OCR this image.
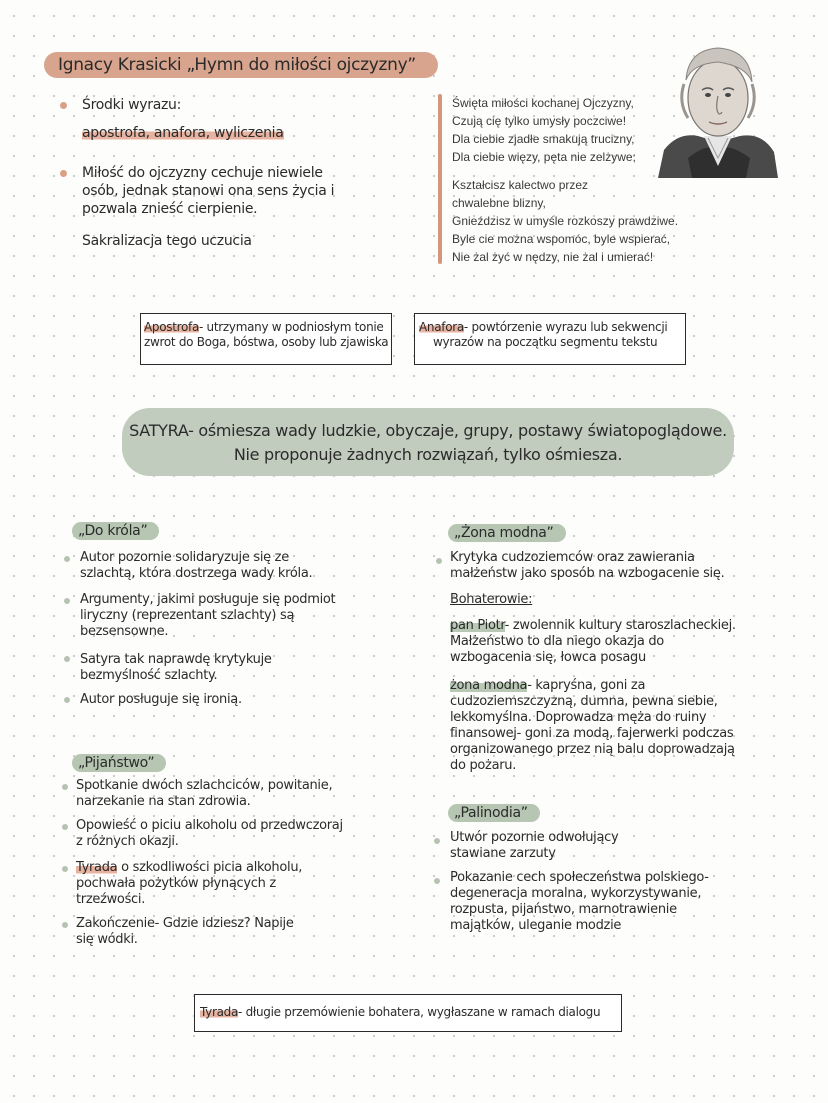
Ignacy Krasicki „Hymn do miłości ojczyzny”
Środki wyrazu:
apostrofa, anafora, wyliczenia
Miłość do ojczyzny cechuje niewiele
osób, jednak stanowi ona sens życia i
pozwala znieść cierpienie.
Sakralizacja tego uczucia
Święta miłości kochanej Ojczyzny,
Czują cię tylko umysły poczciwe!
Dla ciebie zjadłe smakują trucizny,
Dla ciebie więzy, pęta nie zelżywe;
Kształcisz kalectwo przez
chwalebne blizny,
Gnieździsz w umyśle rozkoszy prawdziwe.
Byle cie można wspomóc, byle wspierać,
Nie żal żyć w nędzy, nie żal i umierać!
Apostrofa- utrzymany w podniosłym tonie
zwrot do Boga, bóstwa, osoby lub zjawiska
Anafora- powtórzenie wyrazu lub sekwencji
wyrazów na początku segmentu tekstu
SATYRA- ośmiesza wady ludzkie, obyczaje, grupy, postawy światopoglądowe.
Nie proponuje żadnych rozwiązań, tylko ośmiesza.
„Do króla”
Autor pozornie solidaryzuje się ze
szlachtą, która dostrzega wady króla.
Argumenty, jakimi posługuje się podmiot
liryczny (reprezentant szlachty) są
bezsensowne.
Satyra tak naprawdę krytykuje
bezmyślność szlachty.
Autor posługuje się ironią.
„Pijaństwo”
Spotkanie dwóch szlachciców, powitanie,
narzekanie na stan zdrowia.
Opowieść o piciu alkoholu od przedwczoraj
z różnych okazji.
Tyrada o szkodliwości picia alkoholu,
pochwała pożytków płynących z
trzeźwości.
Zakończenie- Gdzie idziesz? Napije
się wódki.
„Żona modna”
Krytyka cudzoziemców oraz zawierania
małżeństw jako sposób na wzbogacenie się.
Bohaterowie:
pan Piotr- zwolennik kultury staroszlacheckiej.
Małżeństwo to dla niego okazja do
wzbogacenia się, łowca posagu
żona modna- kapryśna, goni za
cudzoziemszczyzną, dumna, pewna siebie,
lekkomyślna. Doprowadza męża do ruiny
finansowej- goni za modą, fajerwerki podczas
organizowanego przez nią balu doprowadzają
do pożaru.
„Palinodia”
Utwór pozornie odwołujący
stawiane zarzuty
Pokazanie cech społeczeństwa polskiego-
degeneracja moralna, wykorzystywanie,
rozpusta, pijaństwo, marnotrawienie
majątków, uleganie modzie
Tyrada- długie przemówienie bohatera, wygłaszane w ramach dialogu
